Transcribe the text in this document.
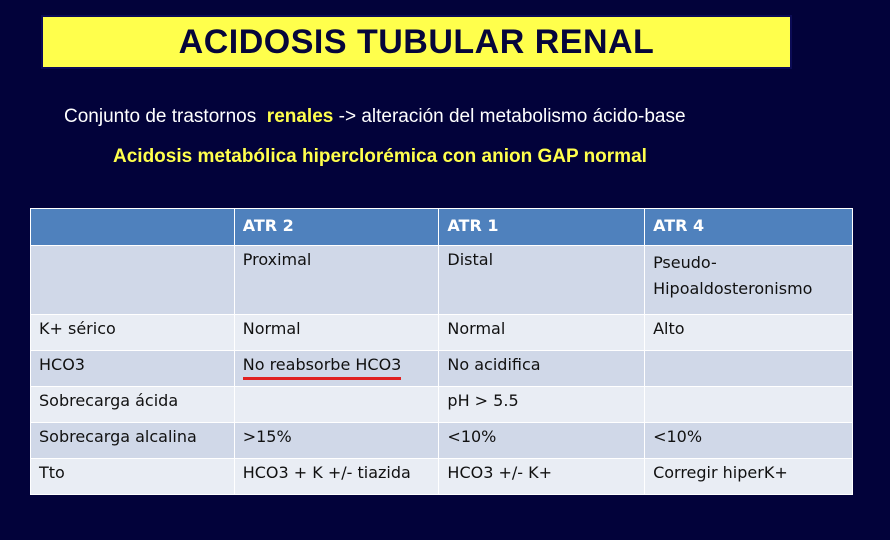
ACIDOSIS TUBULAR RENAL
Conjunto de trastornos  renales -> alteración del metabolismo ácido-base
Acidosis metabólica hiperclorémica con anion GAP normal
	ATR 2	ATR 1	ATR 4
	Proximal	Distal	Pseudo-
Hipoaldosteronismo
K+ sérico	Normal	Normal	Alto
HCO3	No reabsorbe HCO3	No acidifica	
Sobrecarga ácida		pH > 5.5	
Sobrecarga alcalina	>15%	<10%	<10%
Tto	HCO3 + K +/- tiazida	HCO3 +/- K+	Corregir hiperK+
